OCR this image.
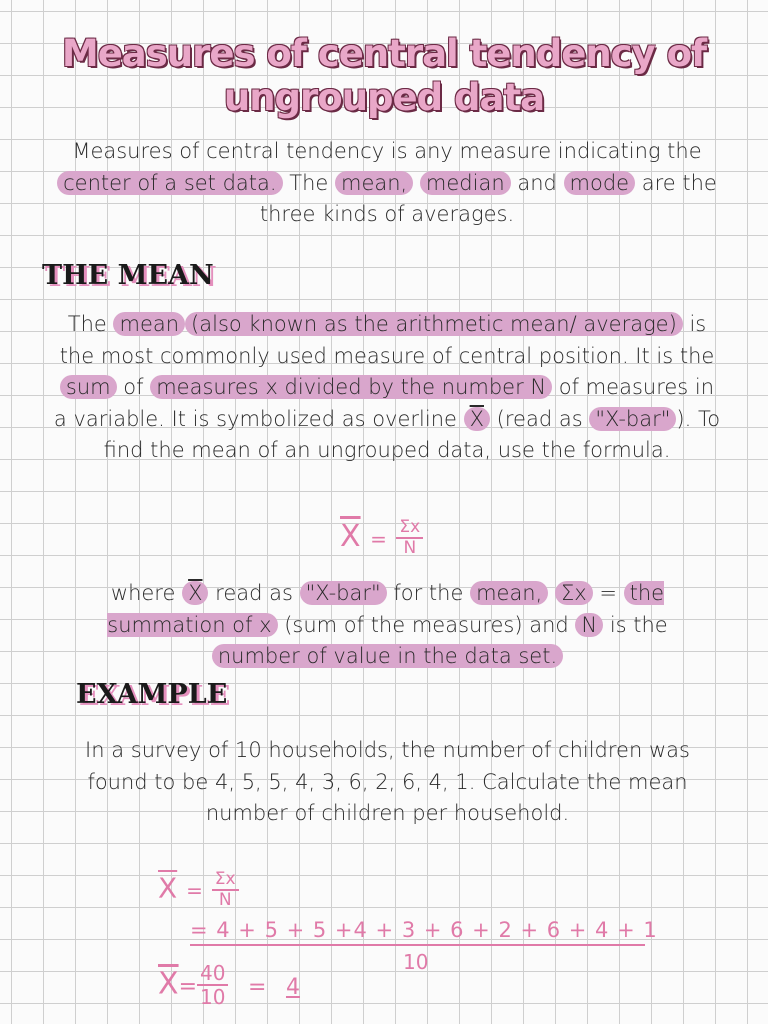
Measures of central tendency of ungrouped data
Measures of central tendency is any measure indicating the center of a set data. The mean, median and mode are the three kinds of averages.
THE MEAN
The mean (also known as the arithmetic mean/ average) is the most commonly used measure of central position. It is the sum of measures x divided by the number N of measures in a variable. It is symbolized as overline $\overline{X}$ (read as "X-bar" ). To find the mean of an ungrouped data, use the formula.
$\overline{X} = \frac{\Sigma x}{N}$
where $\overline{X}$ read as "X-bar" for the mean, Σx = the summation of x (sum of the measures) and N is the number of value in the data set.
EXAMPLE
In a survey of 10 households, the number of children was found to be 4, 5, 5, 4, 3, 6, 2, 6, 4, 1. Calculate the mean number of children per household.
$\overline{X} = \frac{\Sigma x}{N}$
= 4 + 5 + 5 +4 + 3 + 6 + 2 + 6 + 4 + 1
10
$\overline{X}= \frac{40}{10} = 4$
